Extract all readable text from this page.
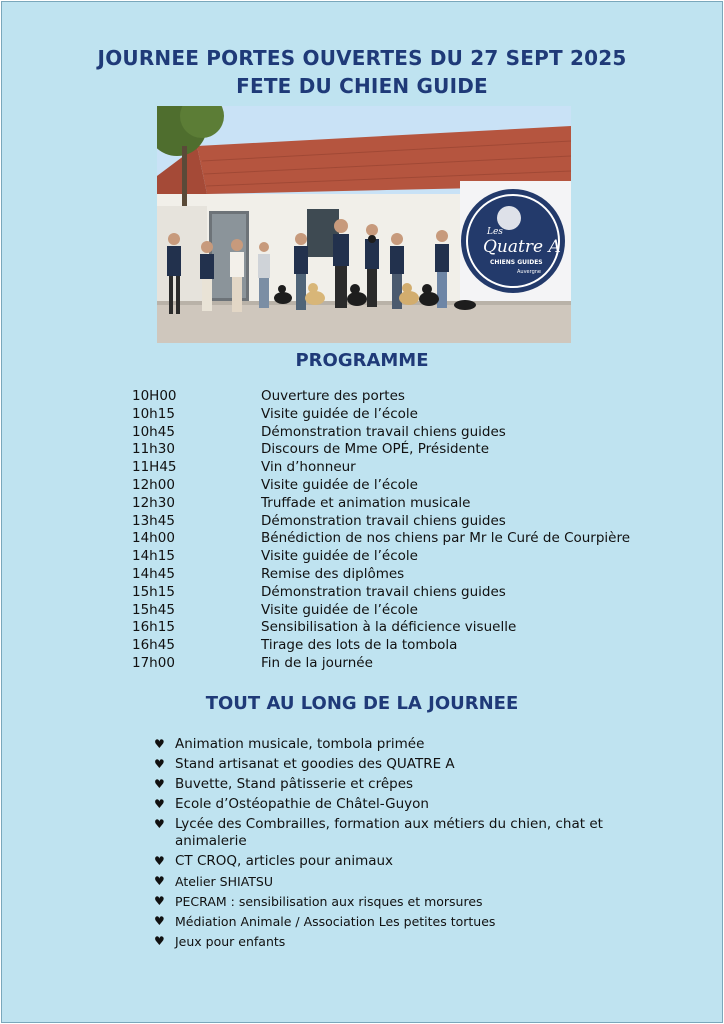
JOURNEE PORTES OUVERTES DU 27 SEPT 2025
FETE DU CHIEN GUIDE
Les
Quatre A
CHIENS GUIDES
Auvergne
PROGRAMME
10H00	Ouverture des portes
10h15	Visite guidée de l’école
10h45	Démonstration travail chiens guides
11h30	Discours de Mme OPÉ, Présidente
11H45	Vin d’honneur
12h00	Visite guidée de l’école
12h30	Truffade et animation musicale
13h45	Démonstration travail chiens guides
14h00	Bénédiction de nos chiens par Mr le Curé de Courpière
14h15	Visite guidée de l’école
14h45	Remise des diplômes
15h15	Démonstration travail chiens guides
15h45	Visite guidée de l’école
16h15	Sensibilisation à la déficience visuelle
16h45	Tirage des lots de la tombola
17h00	Fin de la journée
TOUT AU LONG DE LA JOURNEE
♥ Animation musicale, tombola primée
♥ Stand artisanat et goodies des QUATRE A
♥ Buvette, Stand pâtisserie et crêpes
♥ Ecole d’Ostéopathie de Châtel-Guyon
♥ Lycée des Combrailles, formation aux métiers du chien, chat et animalerie
♥ CT CROQ, articles pour animaux
♥ Atelier SHIATSU
♥ PECRAM : sensibilisation aux risques et morsures
♥ Médiation Animale / Association Les petites tortues
♥ Jeux pour enfants
